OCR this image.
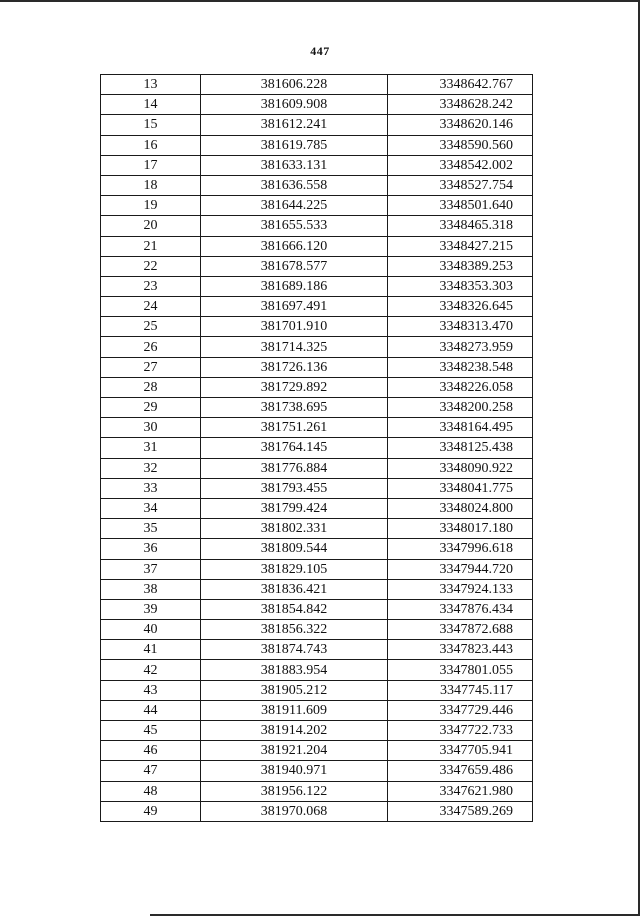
447
13	381606.228	3348642.767
14	381609.908	3348628.242
15	381612.241	3348620.146
16	381619.785	3348590.560
17	381633.131	3348542.002
18	381636.558	3348527.754
19	381644.225	3348501.640
20	381655.533	3348465.318
21	381666.120	3348427.215
22	381678.577	3348389.253
23	381689.186	3348353.303
24	381697.491	3348326.645
25	381701.910	3348313.470
26	381714.325	3348273.959
27	381726.136	3348238.548
28	381729.892	3348226.058
29	381738.695	3348200.258
30	381751.261	3348164.495
31	381764.145	3348125.438
32	381776.884	3348090.922
33	381793.455	3348041.775
34	381799.424	3348024.800
35	381802.331	3348017.180
36	381809.544	3347996.618
37	381829.105	3347944.720
38	381836.421	3347924.133
39	381854.842	3347876.434
40	381856.322	3347872.688
41	381874.743	3347823.443
42	381883.954	3347801.055
43	381905.212	3347745.117
44	381911.609	3347729.446
45	381914.202	3347722.733
46	381921.204	3347705.941
47	381940.971	3347659.486
48	381956.122	3347621.980
49	381970.068	3347589.269
